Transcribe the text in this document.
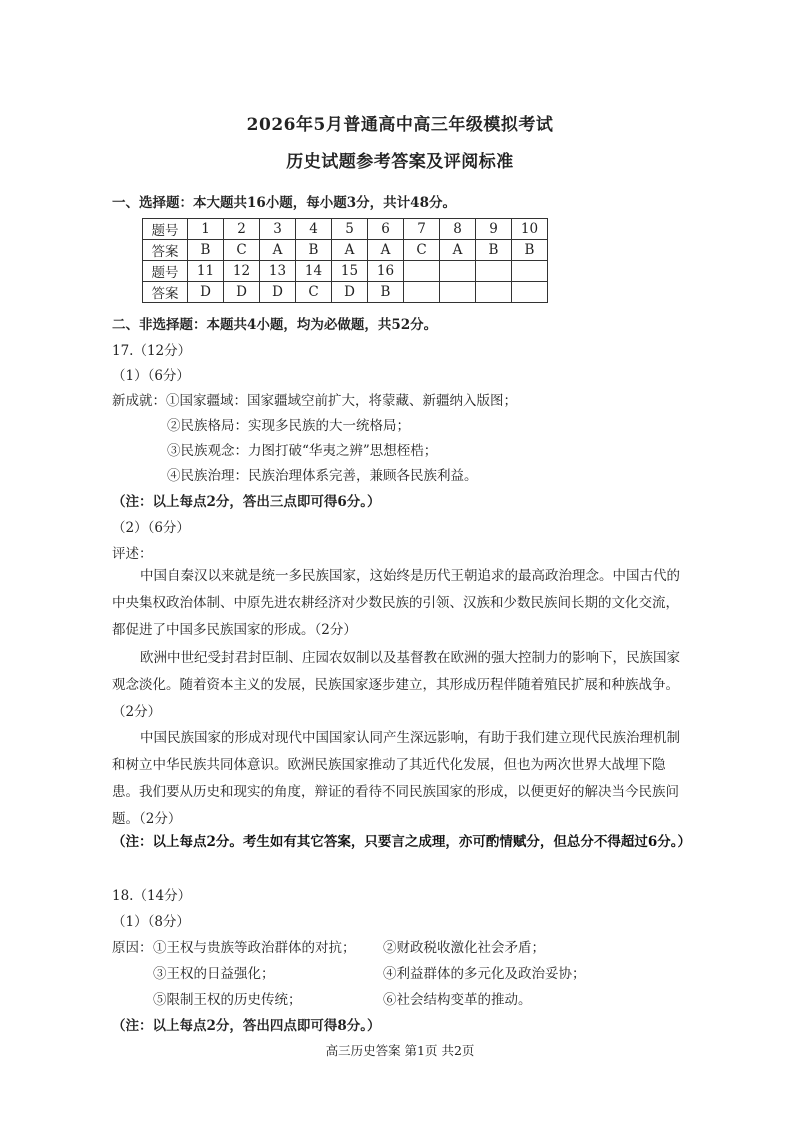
2026年5月普通高中高三年级模拟考试
历史试题参考答案及评阅标准
一、选择题：本大题共16小题，每小题3分，共计48分。
题号	1	2	3	4	5	6	7	8	9	10
答案	B	C	A	B	A	A	C	A	B	B
题号	11	12	13	14	15	16				
答案	D	D	D	C	D	B				
二、非选择题：本题共4小题，均为必做题，共52分。
17.（12分）
（1）（6分）
新成就：①国家疆域：国家疆域空前扩大，将蒙藏、新疆纳入版图；
②民族格局：实现多民族的大一统格局；
③民族观念：力图打破“华夷之辨”思想桎梏；
④民族治理：民族治理体系完善，兼顾各民族利益。
（注：以上每点2分，答出三点即可得6分。）
（2）（6分）
评述：
中国自秦汉以来就是统一多民族国家，这始终是历代王朝追求的最高政治理念。中国古代的中央集权政治体制、中原先进农耕经济对少数民族的引领、汉族和少数民族间长期的文化交流，都促进了中国多民族国家的形成。（2分）
欧洲中世纪受封君封臣制、庄园农奴制以及基督教在欧洲的强大控制力的影响下，民族国家观念淡化。随着资本主义的发展，民族国家逐步建立，其形成历程伴随着殖民扩展和种族战争。（2分）
中国民族国家的形成对现代中国国家认同产生深远影响，有助于我们建立现代民族治理机制和树立中华民族共同体意识。欧洲民族国家推动了其近代化发展，但也为两次世界大战埋下隐患。我们要从历史和现实的角度，辩证的看待不同民族国家的形成，以便更好的解决当今民族问题。（2分）
（注：以上每点2分。考生如有其它答案，只要言之成理，亦可酌情赋分，但总分不得超过6分。）
18.（14分）
（1）（8分）
原因： ①王权与贵族等政治群体的对抗； ②财政税收激化社会矛盾；
③王权的日益强化；	④利益群体的多元化及政治妥协；
⑤限制王权的历史传统；	⑥社会结构变革的推动。
（注：以上每点2分，答出四点即可得8分。）
高三历史答案 第1页 共2页
